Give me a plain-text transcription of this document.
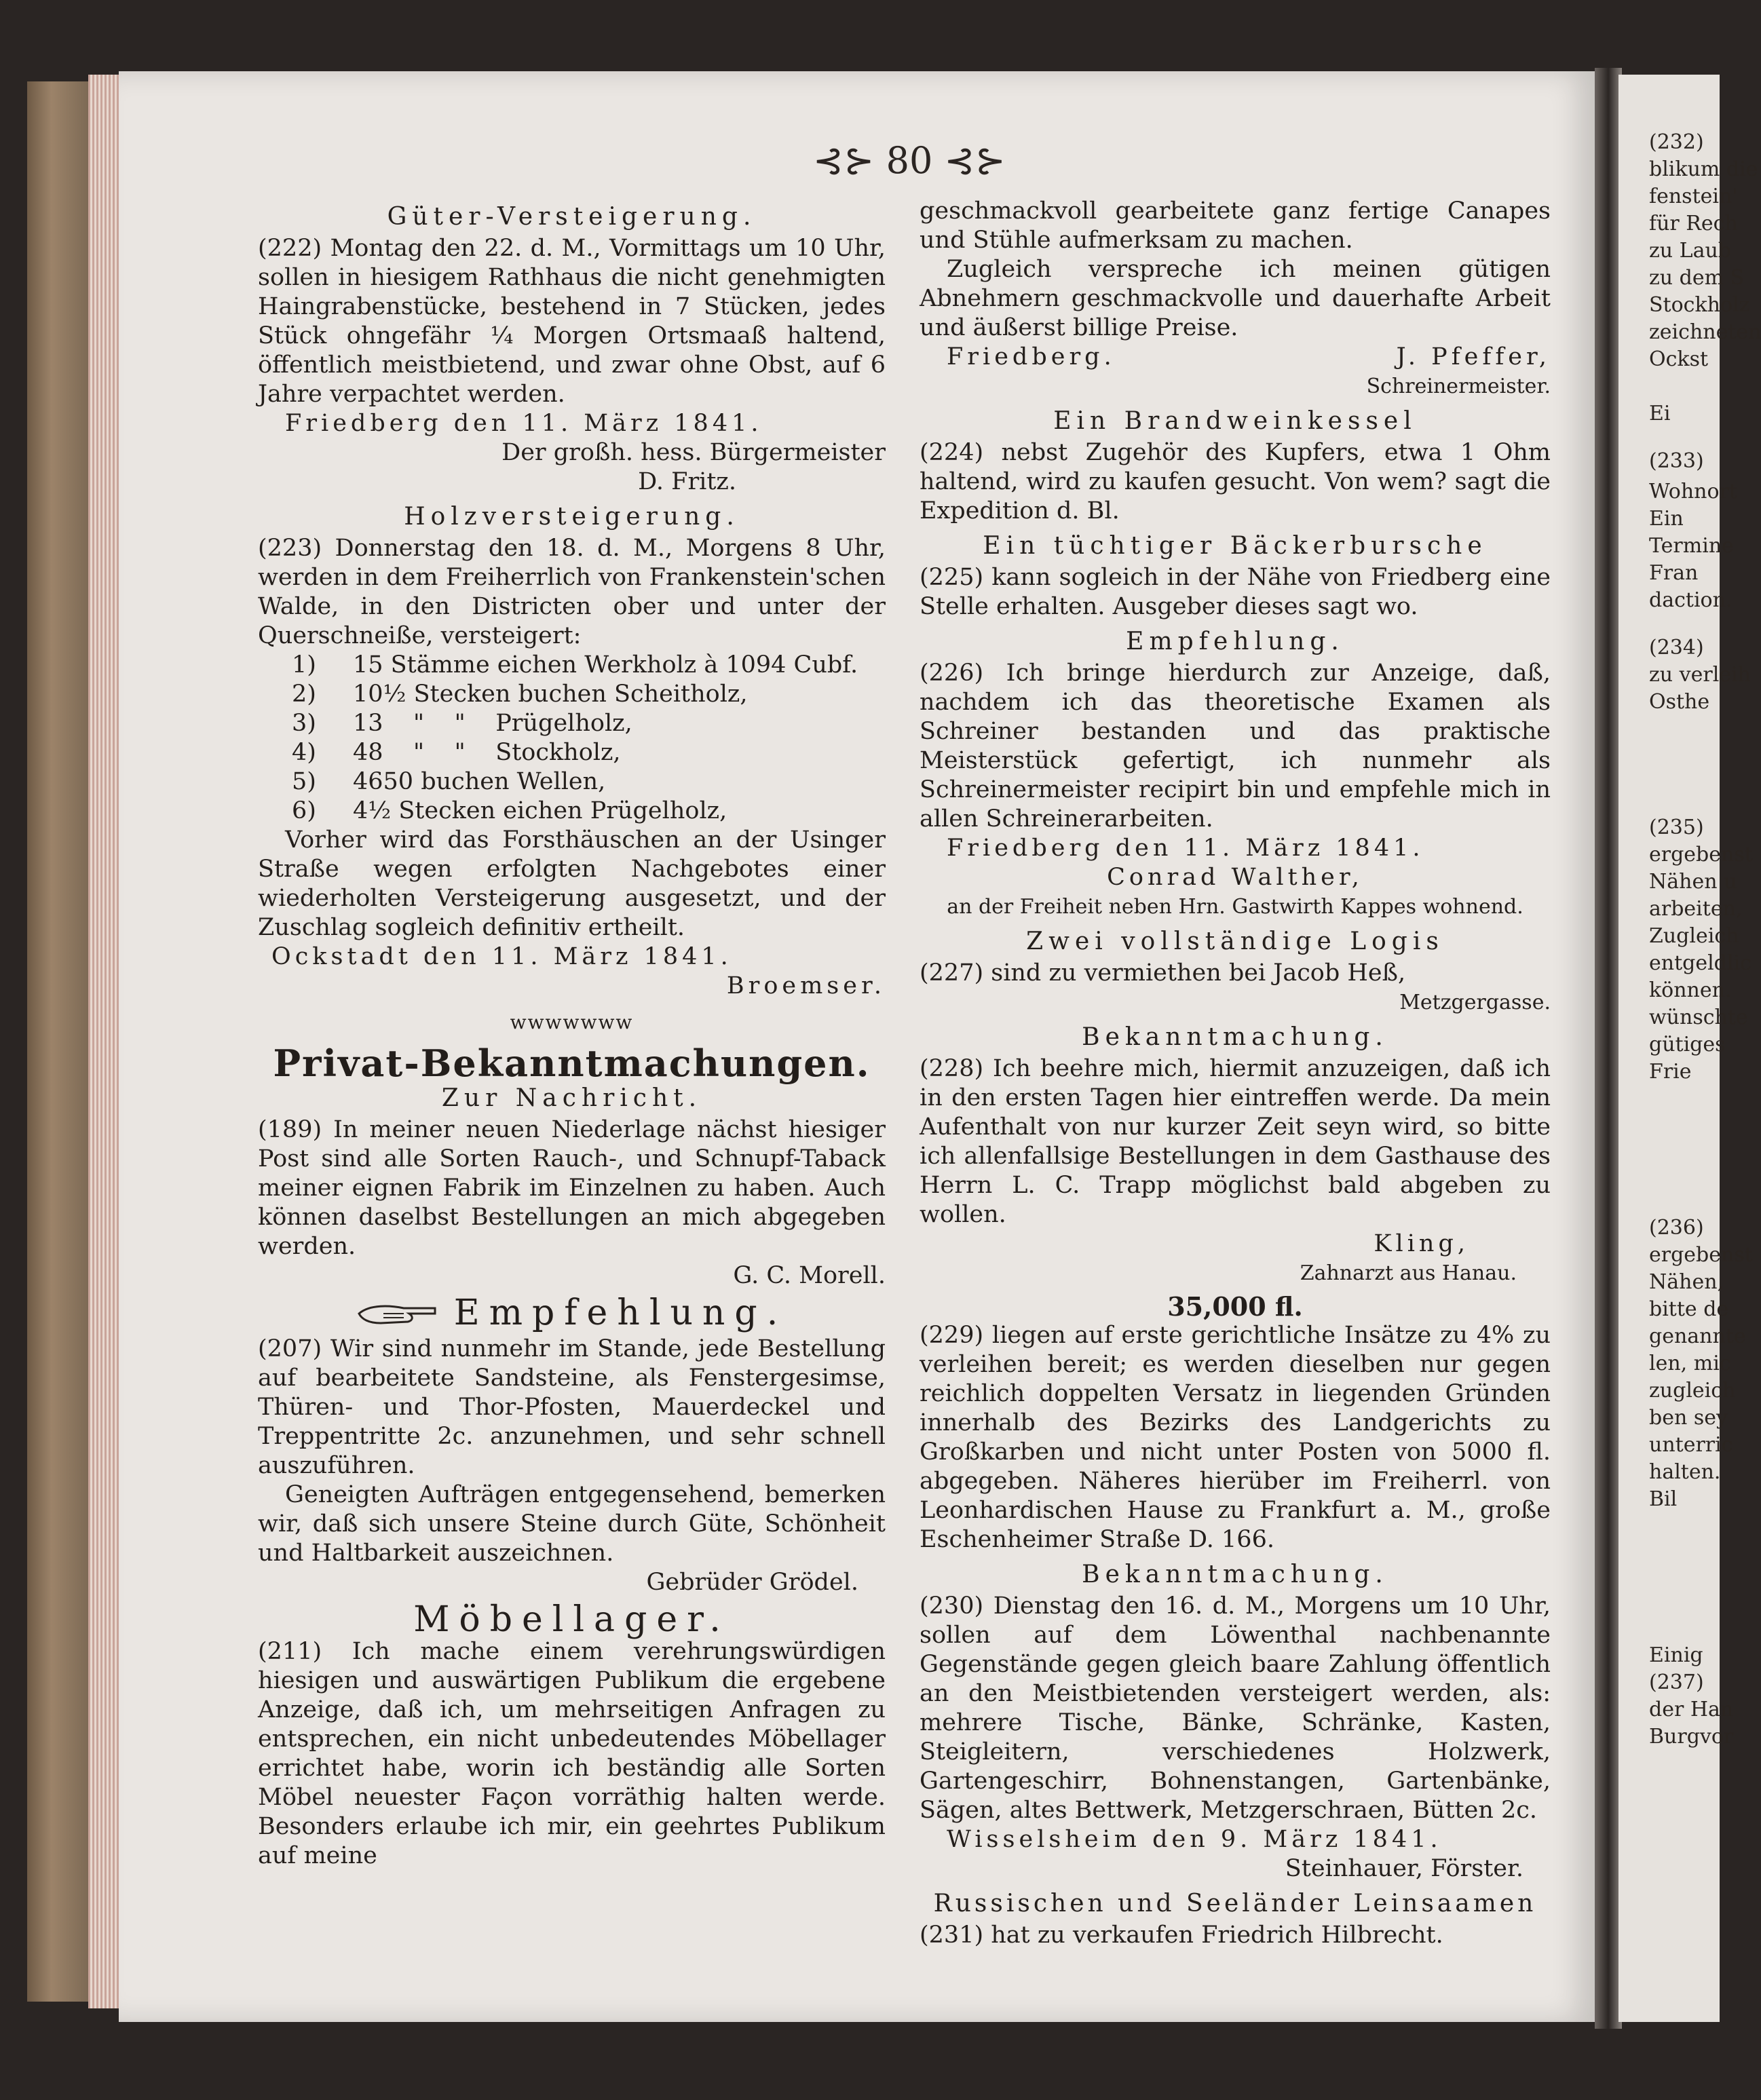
⊰⊱ 80 ⊰⊱

Güter-Versteigerung.

(222) Montag den 22. d. M., Vormittags um 10 Uhr, sollen in hiesigem Rathhaus die nicht genehmigten Haingrabenstücke, bestehend in 7 Stücken, jedes Stück ohngefähr ¼ Morgen Ortsmaaß haltend, öffentlich meistbietend, und zwar ohne Obst, auf 6 Jahre verpachtet werden.

Friedberg den 11. März 1841.

Der großh. hess. Bürgermeister

D. Fritz.

Holzversteigerung.

(223) Donnerstag den 18. d. M., Morgens 8 Uhr, werden in dem Freiherrlich von Frankenstein'schen Walde, in den Districten ober und unter der Querschneiße, versteigert:

1)	15 Stämme eichen Werkholz à 1094 Cubf.
2)	10½ Stecken buchen Scheitholz,
3)	13    "    "    Prügelholz,
4)	48    "    "    Stockholz,
5)	4650 buchen Wellen,
6)	4½ Stecken eichen Prügelholz,

Vorher wird das Forsthäuschen an der Usinger Straße wegen erfolgten Nachgebotes einer wiederholten Versteigerung ausgesetzt, und der Zuschlag sogleich definitiv ertheilt.

Ockstadt den 11. März 1841.

Broemser.

wwwwwww

Privat-Bekanntmachungen.

Zur Nachricht.

(189) In meiner neuen Niederlage nächst hiesiger Post sind alle Sorten Rauch-, und Schnupf-Taback meiner eignen Fabrik im Einzelnen zu haben. Auch können daselbst Bestellungen an mich abgegeben werden.

G. C. Morell.

Empfehlung.

(207) Wir sind nunmehr im Stande, jede Bestellung auf bearbeitete Sandsteine, als Fenstergesimse, Thüren- und Thor-Pfosten, Mauerdeckel und Treppentritte 2c. anzunehmen, und sehr schnell auszuführen.

Geneigten Aufträgen entgegensehend, bemerken wir, daß sich unsere Steine durch Güte, Schönheit und Haltbarkeit auszeichnen.

Gebrüder Grödel.

Möbellager.

(211) Ich mache einem verehrungswürdigen hiesigen und auswärtigen Publikum die ergebene Anzeige, daß ich, um mehrseitigen Anfragen zu entsprechen, ein nicht unbedeutendes Möbellager errichtet habe, worin ich beständig alle Sorten Möbel neuester Façon vorräthig halten werde. Besonders erlaube ich mir, ein geehrtes Publikum auf meine

geschmackvoll gearbeitete ganz fertige Canapes und Stühle aufmerksam zu machen.

Zugleich verspreche ich meinen gütigen Abnehmern geschmackvolle und dauerhafte Arbeit und äußerst billige Preise.

Friedberg.	J. Pfeffer,

Schreinermeister.

Ein Brandweinkessel

(224) nebst Zugehör des Kupfers, etwa 1 Ohm haltend, wird zu kaufen gesucht. Von wem? sagt die Expedition d. Bl.

Ein tüchtiger Bäckerbursche

(225) kann sogleich in der Nähe von Friedberg eine Stelle erhalten. Ausgeber dieses sagt wo.

Empfehlung.

(226) Ich bringe hierdurch zur Anzeige, daß, nachdem ich das theoretische Examen als Schreiner bestanden und das praktische Meisterstück gefertigt, ich nunmehr als Schreinermeister recipirt bin und empfehle mich in allen Schreinerarbeiten.

Friedberg den 11. März 1841.

Conrad Walther,

an der Freiheit neben Hrn. Gastwirth Kappes wohnend.

Zwei vollständige Logis

(227) sind zu vermiethen bei Jacob Heß,

Metzgergasse.

Bekanntmachung.

(228) Ich beehre mich, hiermit anzuzeigen, daß ich in den ersten Tagen hier eintreffen werde. Da mein Aufenthalt von nur kurzer Zeit seyn wird, so bitte ich allenfallsige Bestellungen in dem Gasthause des Herrn L. C. Trapp möglichst bald abgeben zu wollen.

Kling,

Zahnarzt aus Hanau.

35,000 fl.

(229) liegen auf erste gerichtliche Insätze zu 4% zu verleihen bereit; es werden dieselben nur gegen reichlich doppelten Versatz in liegenden Gründen innerhalb des Bezirks des Landgerichts zu Großkarben und nicht unter Posten von 5000 fl. abgegeben. Näheres hierüber im Freiherrl. von Leonhardischen Hause zu Frankfurt a. M., große Eschenheimer Straße D. 166.

Bekanntmachung.

(230) Dienstag den 16. d. M., Morgens um 10 Uhr, sollen auf dem Löwenthal nachbenannte Gegenstände gegen gleich baare Zahlung öffentlich an den Meistbietenden versteigert werden, als: mehrere Tische, Bänke, Schränke, Kasten, Steigleitern, verschiedenes Holzwerk, Gartengeschirr, Bohnenstangen, Gartenbänke, Sägen, altes Bettwerk, Metzgerschraen, Bütten 2c.

Wisselsheim den 9. März 1841.

Steinhauer, Förster.

Russischen und Seeländer Leinsaamen

(231) hat zu verkaufen Friedrich Hilbrecht.

(232)
blikum die
fenstein'
für Rech
zu Laub
zu dem S
Stockholz
zeichneten
Ockst
Ei
(233)
Wohnort
Ein
Termine
Fran
daction.
(234)
zu verleih
Osthe
(235)
ergebenst
Nähen u
arbeiten,
Zugleich
entgeldlic
können.
wünschte
gütiges
Frie
(236)
ergebenst
Nähen,
bitte de
genannte
len, mic
zugleich
ben sey
unterric
halten.
Bil
Einig
(237)
der Han
Burgvor
